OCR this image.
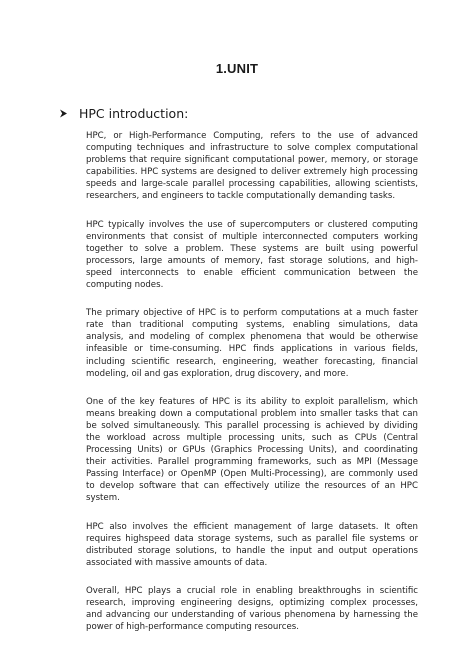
1.UNIT
HPC introduction:

HPC, or High-Performance Computing, refers to the use of advanced computing techniques and infrastructure to solve complex computational problems that require significant computational power, memory, or storage capabilities. HPC systems are designed to deliver extremely high processing speeds and large-scale parallel processing capabilities, allowing scientists, researchers, and engineers to tackle computationally demanding tasks.

HPC typically involves the use of supercomputers or clustered computing environments that consist of multiple interconnected computers working together to solve a problem. These systems are built using powerful processors, large amounts of memory, fast storage solutions, and high-speed interconnects to enable efficient communication between the computing nodes.

The primary objective of HPC is to perform computations at a much faster rate than traditional computing systems, enabling simulations, data analysis, and modeling of complex phenomena that would be otherwise infeasible or time-consuming. HPC finds applications in various fields, including scientific research, engineering, weather forecasting, financial modeling, oil and gas exploration, drug discovery, and more.

One of the key features of HPC is its ability to exploit parallelism, which means breaking down a computational problem into smaller tasks that can be solved simultaneously. This parallel processing is achieved by dividing the workload across multiple processing units, such as CPUs (Central Processing Units) or GPUs (Graphics Processing Units), and coordinating their activities. Parallel programming frameworks, such as MPI (Message Passing Interface) or OpenMP (Open Multi-Processing), are commonly used to develop software that can effectively utilize the resources of an HPC system.

HPC also involves the efficient management of large datasets. It often requires highspeed data storage systems, such as parallel file systems or distributed storage solutions, to handle the input and output operations associated with massive amounts of data.

Overall, HPC plays a crucial role in enabling breakthroughs in scientific research, improving engineering designs, optimizing complex processes, and advancing our understanding of various phenomena by harnessing the power of high-performance computing resources.
